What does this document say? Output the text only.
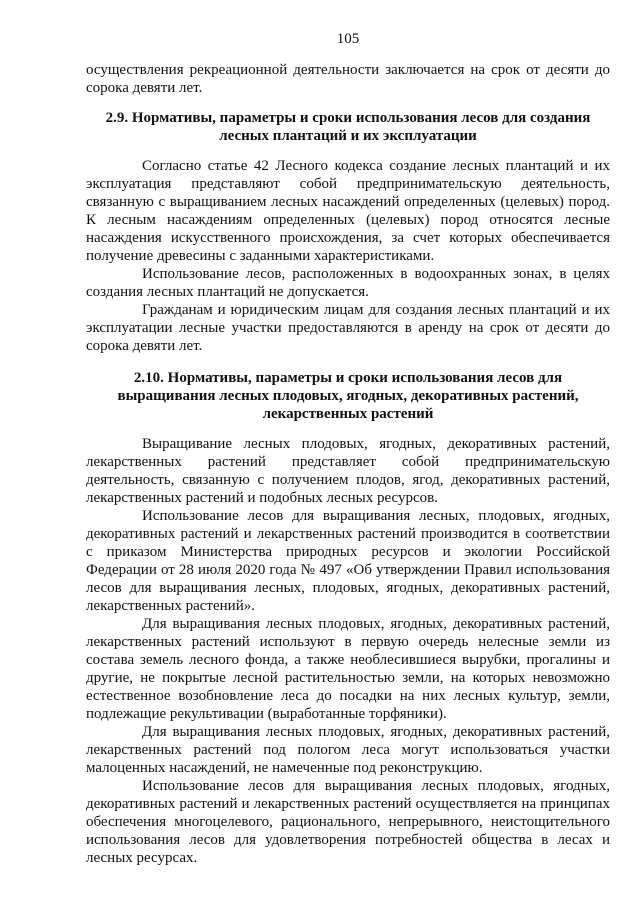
105

осуществления рекреационной деятельности заключается на срок от десяти до сорока девяти лет.

2.9. Нормативы, параметры и сроки использования лесов для создания лесных плантаций и их эксплуатации

Согласно статье 42 Лесного кодекса создание лесных плантаций и их эксплуатация представляют собой предпринимательскую деятельность, связанную с выращиванием лесных насаждений определенных (целевых) пород. К лесным насаждениям определенных (целевых) пород относятся лесные насаждения искусственного происхождения, за счет которых обеспечивается получение древесины с заданными характеристиками.

Использование лесов, расположенных в водоохранных зонах, в целях создания лесных плантаций не допускается.

Гражданам и юридическим лицам для создания лесных плантаций и их эксплуатации лесные участки предоставляются в аренду на срок от десяти до сорока девяти лет.

2.10. Нормативы, параметры и сроки использования лесов для выращивания лесных плодовых, ягодных, декоративных растений, лекарственных растений

Выращивание лесных плодовых, ягодных, декоративных растений, лекарственных растений представляет собой предпринимательскую деятельность, связанную с получением плодов, ягод, декоративных растений, лекарственных растений и подобных лесных ресурсов.

Использование лесов для выращивания лесных, плодовых, ягодных, декоративных растений и лекарственных растений производится в соответствии с приказом Министерства природных ресурсов и экологии Российской Федерации от 28 июля 2020 года № 497 «Об утверждении Правил использования лесов для выращивания лесных, плодовых, ягодных, декоративных растений, лекарственных растений».

Для выращивания лесных плодовых, ягодных, декоративных растений, лекарственных растений используют в первую очередь нелесные земли из состава земель лесного фонда, а также необлесившиеся вырубки, прогалины и другие, не покрытые лесной растительностью земли, на которых невозможно естественное возобновление леса до посадки на них лесных культур, земли, подлежащие рекультивации (выработанные торфяники).

Для выращивания лесных плодовых, ягодных, декоративных растений, лекарственных растений под пологом леса могут использоваться участки малоценных насаждений, не намеченные под реконструкцию.

Использование лесов для выращивания лесных плодовых, ягодных, декоративных растений и лекарственных растений осуществляется на принципах обеспечения многоцелевого, рационального, непрерывного, неистощительного использования лесов для удовлетворения потребностей общества в лесах и лесных ресурсах.
